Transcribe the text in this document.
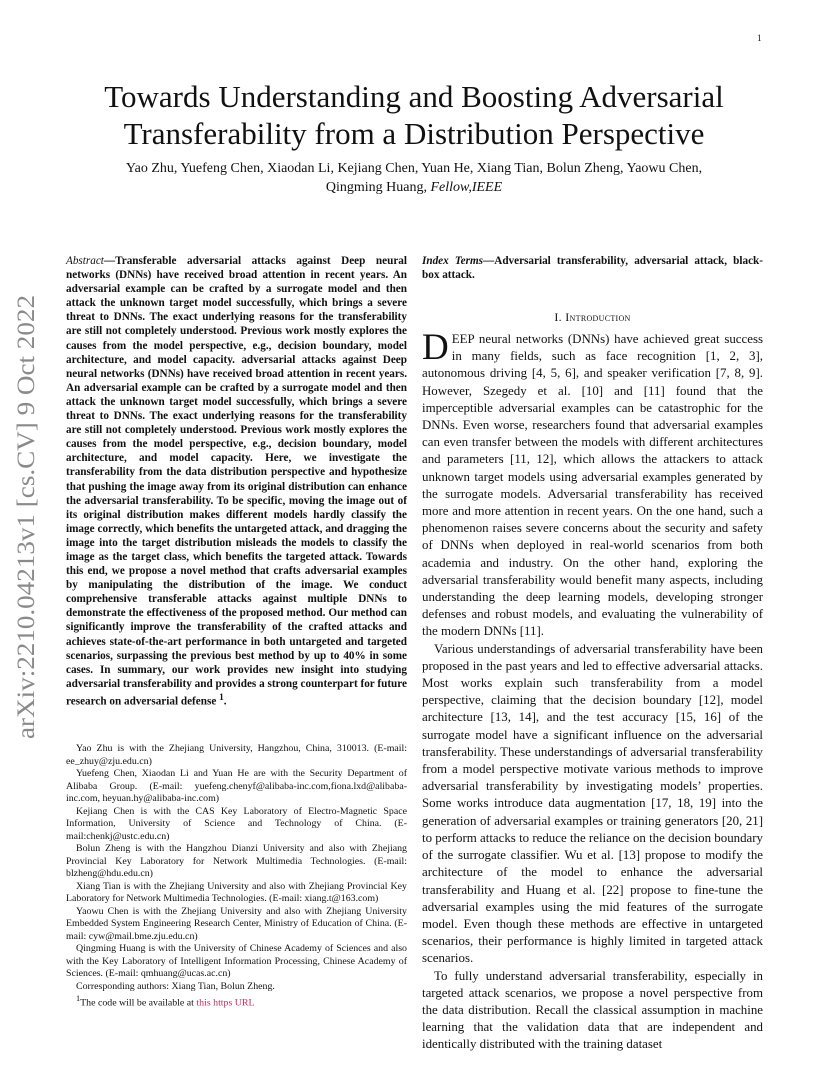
1
arXiv:2210.04213v1 [cs.CV] 9 Oct 2022
Towards Understanding and Boosting Adversarial
Transferability from a Distribution Perspective
Yao Zhu, Yuefeng Chen, Xiaodan Li, Kejiang Chen, Yuan He, Xiang Tian, Bolun Zheng, Yaowu Chen,
Qingming Huang, Fellow,IEEE
Abstract—Transferable adversarial attacks against Deep neural networks (DNNs) have received broad attention in recent years. An adversarial example can be crafted by a surrogate model and then attack the unknown target model successfully, which brings a severe threat to DNNs. The exact underlying reasons for the transferability are still not completely understood. Previous work mostly explores the causes from the model perspective, e.g., decision boundary, model architecture, and model capacity. adversarial attacks against Deep neural networks (DNNs) have received broad attention in recent years. An adversarial example can be crafted by a surrogate model and then attack the unknown target model successfully, which brings a severe threat to DNNs. The exact underlying reasons for the transferability are still not completely understood. Previous work mostly explores the causes from the model perspective, e.g., decision boundary, model architecture, and model capacity. Here, we investigate the transferability from the data distribution perspective and hypothesize that pushing the image away from its original distribution can enhance the adversarial transferability. To be specific, moving the image out of its original distribution makes different models hardly classify the image correctly, which benefits the untargeted attack, and dragging the image into the target distribution misleads the models to classify the image as the target class, which benefits the targeted attack. Towards this end, we propose a novel method that crafts adversarial examples by manipulating the distribution of the image. We conduct comprehensive transferable attacks against multiple DNNs to demonstrate the effectiveness of the proposed method. Our method can significantly improve the transferability of the crafted attacks and achieves state-of-the-art performance in both untargeted and targeted scenarios, surpassing the previous best method by up to 40% in some cases. In summary, our work provides new insight into studying adversarial transferability and provides a strong counterpart for future research on adversarial defense $^1$.

Yao Zhu is with the Zhejiang University, Hangzhou, China, 310013. (E-mail: ee_zhuy@zju.edu.cn)

Yuefeng Chen, Xiaodan Li and Yuan He are with the Security Department of Alibaba Group. (E-mail: yuefeng.chenyf@alibaba-inc.com,fiona.lxd@alibaba-inc.com, heyuan.hy@alibaba-inc.com)

Kejiang Chen is with the CAS Key Laboratory of Electro-Magnetic Space Information, University of Science and Technology of China. (E-mail:chenkj@ustc.edu.cn)

Bolun Zheng is with the Hangzhou Dianzi University and also with Zhejiang Provincial Key Laboratory for Network Multimedia Technologies. (E-mail: blzheng@hdu.edu.cn)

Xiang Tian is with the Zhejiang University and also with Zhejiang Provincial Key Laboratory for Network Multimedia Technologies. (E-mail: xiang.t@163.com)

Yaowu Chen is with the Zhejiang University and also with Zhejiang University Embedded System Engineering Research Center, Ministry of Education of China. (E-mail: cyw@mail.bme.zju.edu.cn)

Qingming Huang is with the University of Chinese Academy of Sciences and also with the Key Laboratory of Intelligent Information Processing, Chinese Academy of Sciences. (E-mail: qmhuang@ucas.ac.cn)

Corresponding authors: Xiang Tian, Bolun Zheng.

$^1$The code will be available at this https URL

Index Terms—Adversarial transferability, adversarial attack, black-box attack.
I. Introduction

DEEP neural networks (DNNs) have achieved great success in many fields, such as face recognition [1, 2, 3], autonomous driving [4, 5, 6], and speaker verification [7, 8, 9]. However, Szegedy et al. [10] and [11] found that the imperceptible adversarial examples can be catastrophic for the DNNs. Even worse, researchers found that adversarial examples can even transfer between the models with different architectures and parameters [11, 12], which allows the attackers to attack unknown target models using adversarial examples generated by the surrogate models. Adversarial transferability has received more and more attention in recent years. On the one hand, such a phenomenon raises severe concerns about the security and safety of DNNs when deployed in real-world scenarios from both academia and industry. On the other hand, exploring the adversarial transferability would benefit many aspects, including understanding the deep learning models, developing stronger defenses and robust models, and evaluating the vulnerability of the modern DNNs [11].

Various understandings of adversarial transferability have been proposed in the past years and led to effective adversarial attacks. Most works explain such transferability from a model perspective, claiming that the decision boundary [12], model architecture [13, 14], and the test accuracy [15, 16] of the surrogate model have a significant influence on the adversarial transferability. These understandings of adversarial transferability from a model perspective motivate various methods to improve adversarial transferability by investigating models’ properties. Some works introduce data augmentation [17, 18, 19] into the generation of adversarial examples or training generators [20, 21] to perform attacks to reduce the reliance on the decision boundary of the surrogate classifier. Wu et al. [13] propose to modify the architecture of the model to enhance the adversarial transferability and Huang et al. [22] propose to fine-tune the adversarial examples using the mid features of the surrogate model. Even though these methods are effective in untargeted scenarios, their performance is highly limited in targeted attack scenarios.

To fully understand adversarial transferability, especially in targeted attack scenarios, we propose a novel perspective from the data distribution. Recall the classical assumption in machine learning that the validation data that are independent and identically distributed with the training dataset
